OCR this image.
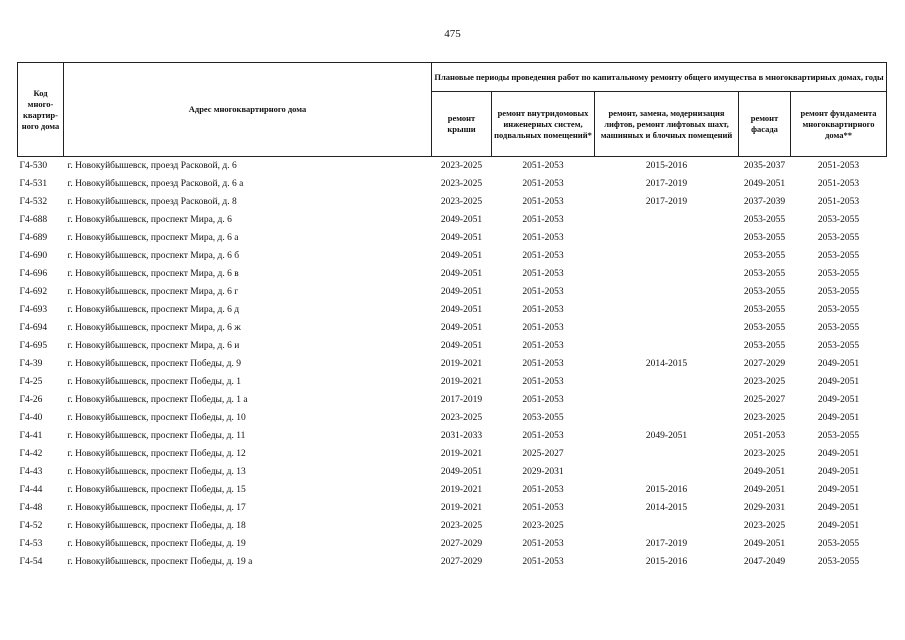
475
Код много-квартир-ного дома	Адрес многоквартирного дома	Плановые периоды проведения работ по капитальному ремонту общего имущества в многоквартирных домах, годы				
		ремонт крыши	ремонт внутридомовых инженерных систем, подвальных помещений*	ремонт, замена, модернизация лифтов, ремонт лифтовых шахт, машинных и блочных помещений	ремонт фасада	ремонт фундамента многоквартирного дома**
Г4-530	г. Новокуйбышевск, проезд Расковой, д. 6	2023-2025	2051-2053	2015-2016	2035-2037	2051-2053
Г4-531	г. Новокуйбышевск, проезд Расковой, д. 6 а	2023-2025	2051-2053	2017-2019	2049-2051	2051-2053
Г4-532	г. Новокуйбышевск, проезд Расковой, д. 8	2023-2025	2051-2053	2017-2019	2037-2039	2051-2053
Г4-688	г. Новокуйбышевск, проспект Мира, д. 6	2049-2051	2051-2053		2053-2055	2053-2055
Г4-689	г. Новокуйбышевск, проспект Мира, д. 6 а	2049-2051	2051-2053		2053-2055	2053-2055
Г4-690	г. Новокуйбышевск, проспект Мира, д. 6 б	2049-2051	2051-2053		2053-2055	2053-2055
Г4-696	г. Новокуйбышевск, проспект Мира, д. 6 в	2049-2051	2051-2053		2053-2055	2053-2055
Г4-692	г. Новокуйбышевск, проспект Мира, д. 6 г	2049-2051	2051-2053		2053-2055	2053-2055
Г4-693	г. Новокуйбышевск, проспект Мира, д. 6 д	2049-2051	2051-2053		2053-2055	2053-2055
Г4-694	г. Новокуйбышевск, проспект Мира, д. 6 ж	2049-2051	2051-2053		2053-2055	2053-2055
Г4-695	г. Новокуйбышевск, проспект Мира, д. 6 и	2049-2051	2051-2053		2053-2055	2053-2055
Г4-39	г. Новокуйбышевск, проспект Победы, д. 9	2019-2021	2051-2053	2014-2015	2027-2029	2049-2051
Г4-25	г. Новокуйбышевск, проспект Победы, д. 1	2019-2021	2051-2053		2023-2025	2049-2051
Г4-26	г. Новокуйбышевск, проспект Победы, д. 1 а	2017-2019	2051-2053		2025-2027	2049-2051
Г4-40	г. Новокуйбышевск, проспект Победы, д. 10	2023-2025	2053-2055		2023-2025	2049-2051
Г4-41	г. Новокуйбышевск, проспект Победы, д. 11	2031-2033	2051-2053	2049-2051	2051-2053	2053-2055
Г4-42	г. Новокуйбышевск, проспект Победы, д. 12	2019-2021	2025-2027		2023-2025	2049-2051
Г4-43	г. Новокуйбышевск, проспект Победы, д. 13	2049-2051	2029-2031		2049-2051	2049-2051
Г4-44	г. Новокуйбышевск, проспект Победы, д. 15	2019-2021	2051-2053	2015-2016	2049-2051	2049-2051
Г4-48	г. Новокуйбышевск, проспект Победы, д. 17	2019-2021	2051-2053	2014-2015	2029-2031	2049-2051
Г4-52	г. Новокуйбышевск, проспект Победы, д. 18	2023-2025	2023-2025		2023-2025	2049-2051
Г4-53	г. Новокуйбышевск, проспект Победы, д. 19	2027-2029	2051-2053	2017-2019	2049-2051	2053-2055
Г4-54	г. Новокуйбышевск, проспект Победы, д. 19 а	2027-2029	2051-2053	2015-2016	2047-2049	2053-2055
